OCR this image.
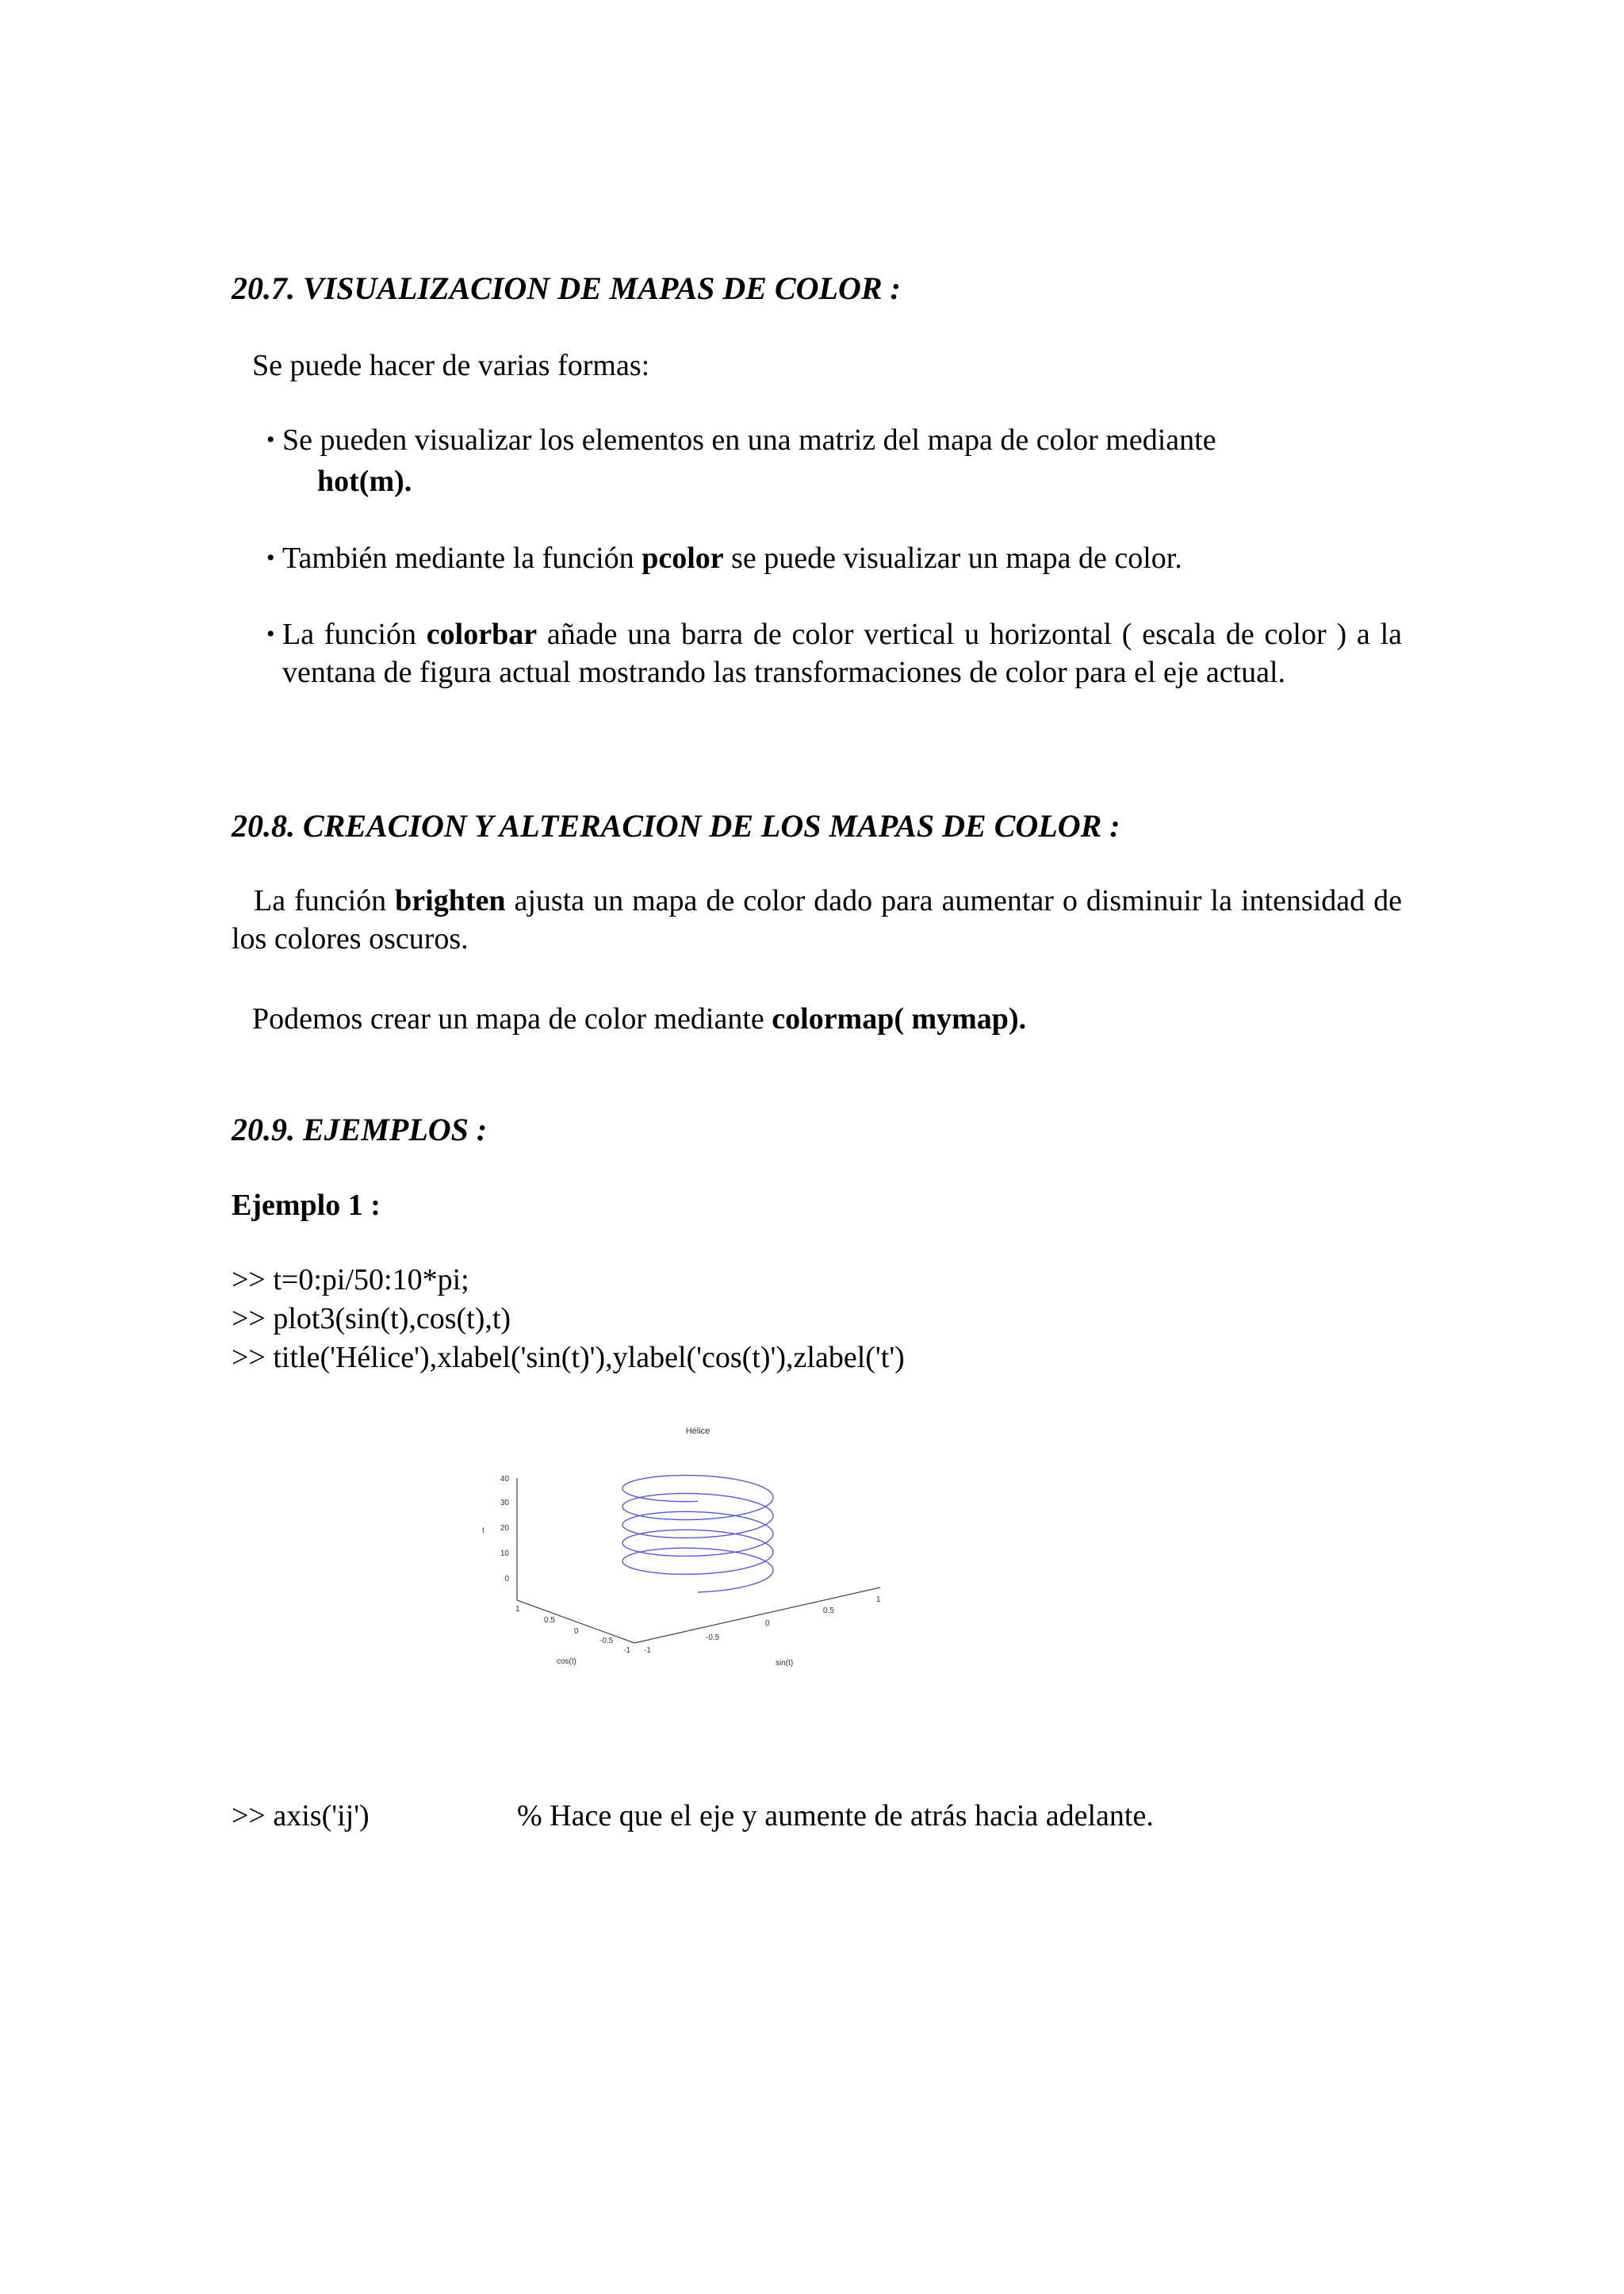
20.7. VISUALIZACION DE MAPAS DE COLOR :
Se puede hacer de varias formas:
• Se pueden visualizar los elementos en una matriz del mapa de color mediante
hot(m).
• También mediante la función pcolor se puede visualizar un mapa de color.
• La función colorbar añade una barra de color vertical u horizontal ( escala de color ) a la ventana de figura actual mostrando las transformaciones de color para el eje actual.
20.8. CREACION Y ALTERACION DE LOS MAPAS DE COLOR :
La función brighten ajusta un mapa de color dado para aumentar o disminuir la intensidad de los colores oscuros.
Podemos crear un mapa de color mediante colormap( mymap).
20.9. EJEMPLOS :
Ejemplo 1 :
>> t=0:pi/50:10*pi;
>> plot3(sin(t),cos(t),t)
>> title('Hélice'),xlabel('sin(t)'),ylabel('cos(t)'),zlabel('t')
Hélice
40
30
20
10
0
t
1
0.5
0
-0.5
-1 -1
-0.5
0
0.5
1
cos(t)	sin(t)
>> axis('ij')	% Hace que el eje y aumente de atrás hacia adelante.
